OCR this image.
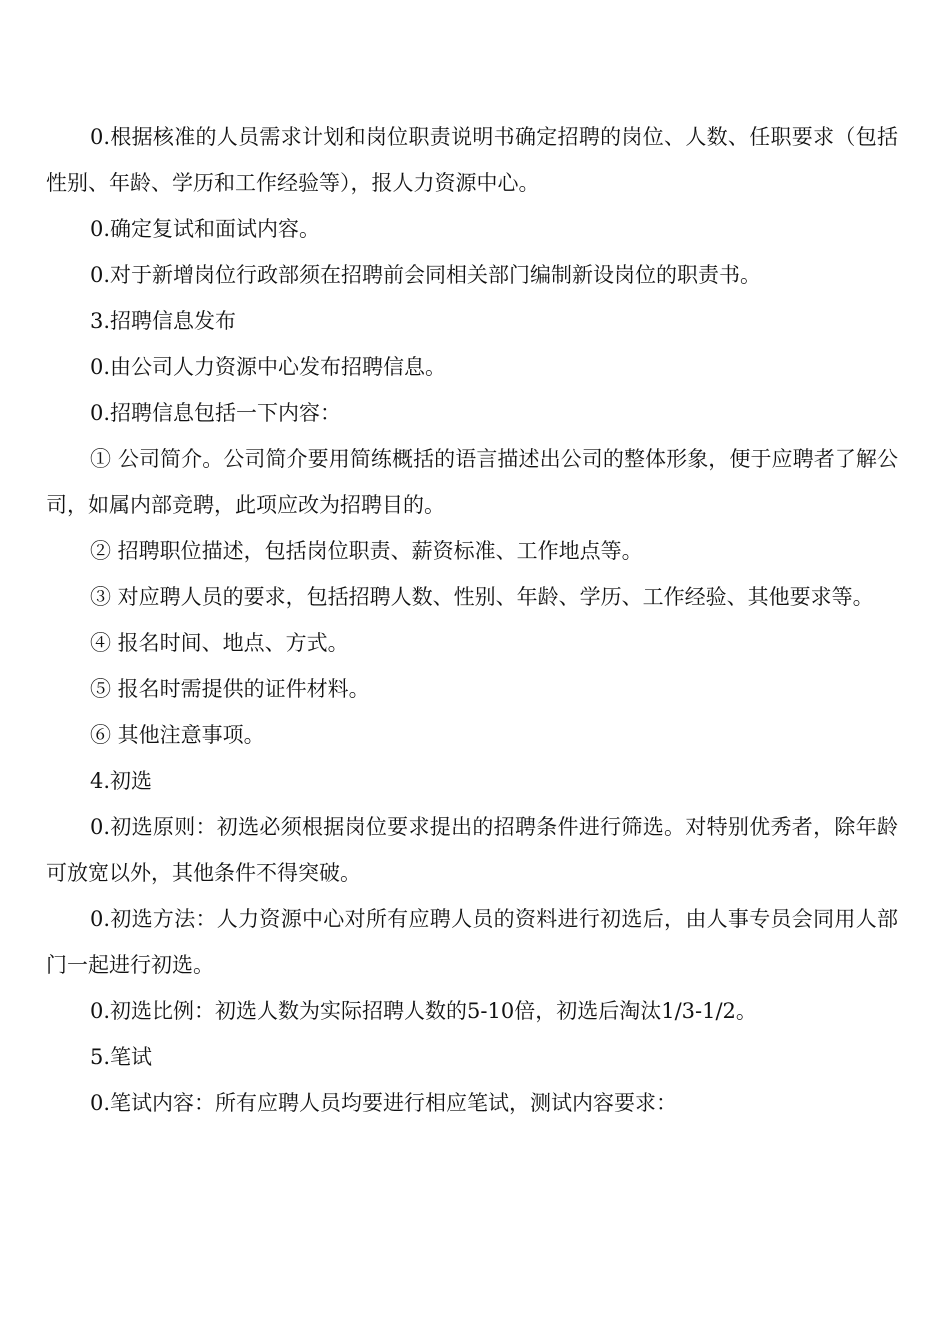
0.根据核准的人员需求计划和岗位职责说明书确定招聘的岗位、人数、任职要求（包括性别、年龄、学历和工作经验等），报人力资源中心。

0.确定复试和面试内容。

0.对于新增岗位行政部须在招聘前会同相关部门编制新设岗位的职责书。

3.招聘信息发布

0.由公司人力资源中心发布招聘信息。

0.招聘信息包括一下内容：

① 公司简介。公司简介要用简练概括的语言描述出公司的整体形象，便于应聘者了解公司，如属内部竞聘，此项应改为招聘目的。

② 招聘职位描述，包括岗位职责、薪资标准、工作地点等。

③ 对应聘人员的要求，包括招聘人数、性别、年龄、学历、工作经验、其他要求等。

④ 报名时间、地点、方式。

⑤ 报名时需提供的证件材料。

⑥ 其他注意事项。

4.初选

0.初选原则：初选必须根据岗位要求提出的招聘条件进行筛选。对特别优秀者，除年龄可放宽以外，其他条件不得突破。

0.初选方法：人力资源中心对所有应聘人员的资料进行初选后，由人事专员会同用人部门一起进行初选。

0.初选比例：初选人数为实际招聘人数的5-10倍，初选后淘汰1/3-1/2。

5.笔试

0.笔试内容：所有应聘人员均要进行相应笔试，测试内容要求：
